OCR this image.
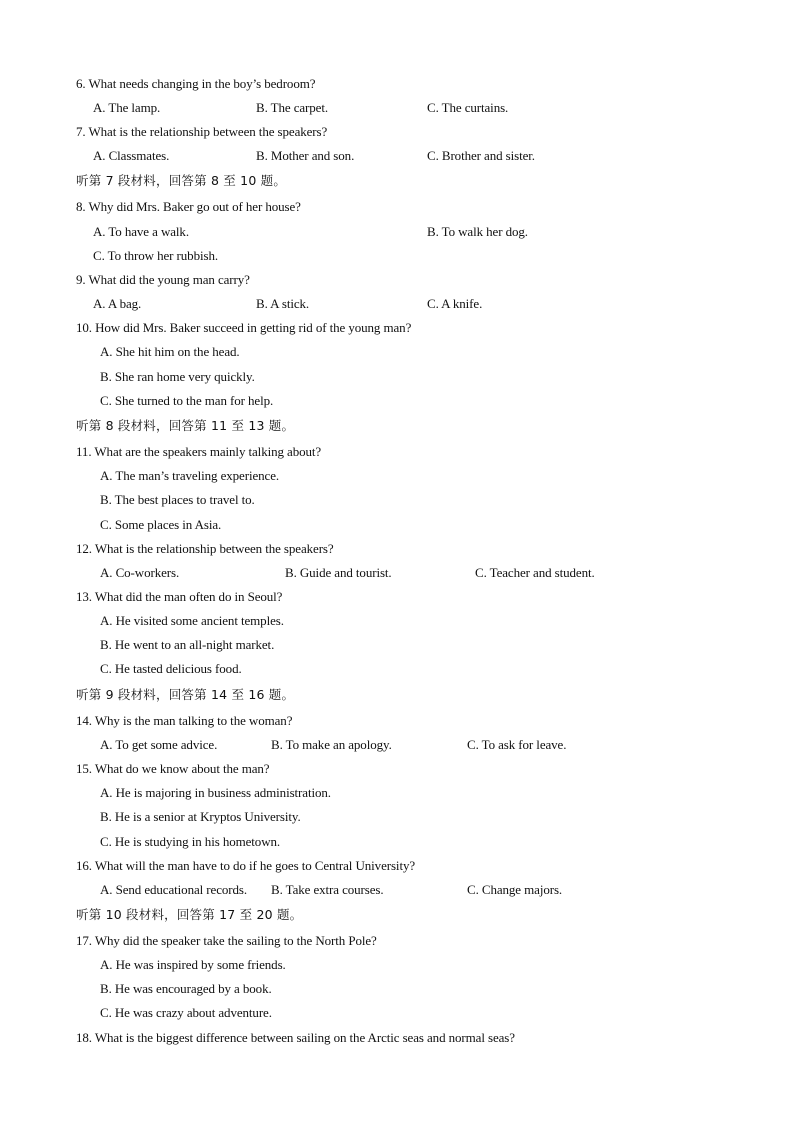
6. What needs changing in the boy’s bedroom?
A. The lamp.	B. The carpet.	C. The curtains.
7. What is the relationship between the speakers?
A. Classmates.	B. Mother and son.	C. Brother and sister.
听第 7 段材料，回答第 8 至 10 题。
8. Why did Mrs. Baker go out of her house?
A. To have a walk.	B. To walk her dog.
C. To throw her rubbish.
9. What did the young man carry?
A. A bag.	B. A stick.	C. A knife.
10. How did Mrs. Baker succeed in getting rid of the young man?
A. She hit him on the head.
B. She ran home very quickly.
C. She turned to the man for help.
听第 8 段材料，回答第 11 至 13 题。
11. What are the speakers mainly talking about?
A. The man’s traveling experience.
B. The best places to travel to.
C. Some places in Asia.
12. What is the relationship between the speakers?
A. Co-workers.	B. Guide and tourist.	C. Teacher and student.
13. What did the man often do in Seoul?
A. He visited some ancient temples.
B. He went to an all-night market.
C. He tasted delicious food.
听第 9 段材料，回答第 14 至 16 题。
14. Why is the man talking to the woman?
A. To get some advice.	B. To make an apology.	C. To ask for leave.
15. What do we know about the man?
A. He is majoring in business administration.
B. He is a senior at Kryptos University.
C. He is studying in his hometown.
16. What will the man have to do if he goes to Central University?
A. Send educational records. B. Take extra courses.	C. Change majors.
听第 10 段材料，回答第 17 至 20 题。
17. Why did the speaker take the sailing to the North Pole?
A. He was inspired by some friends.
B. He was encouraged by a book.
C. He was crazy about adventure.
18. What is the biggest difference between sailing on the Arctic seas and normal seas?
